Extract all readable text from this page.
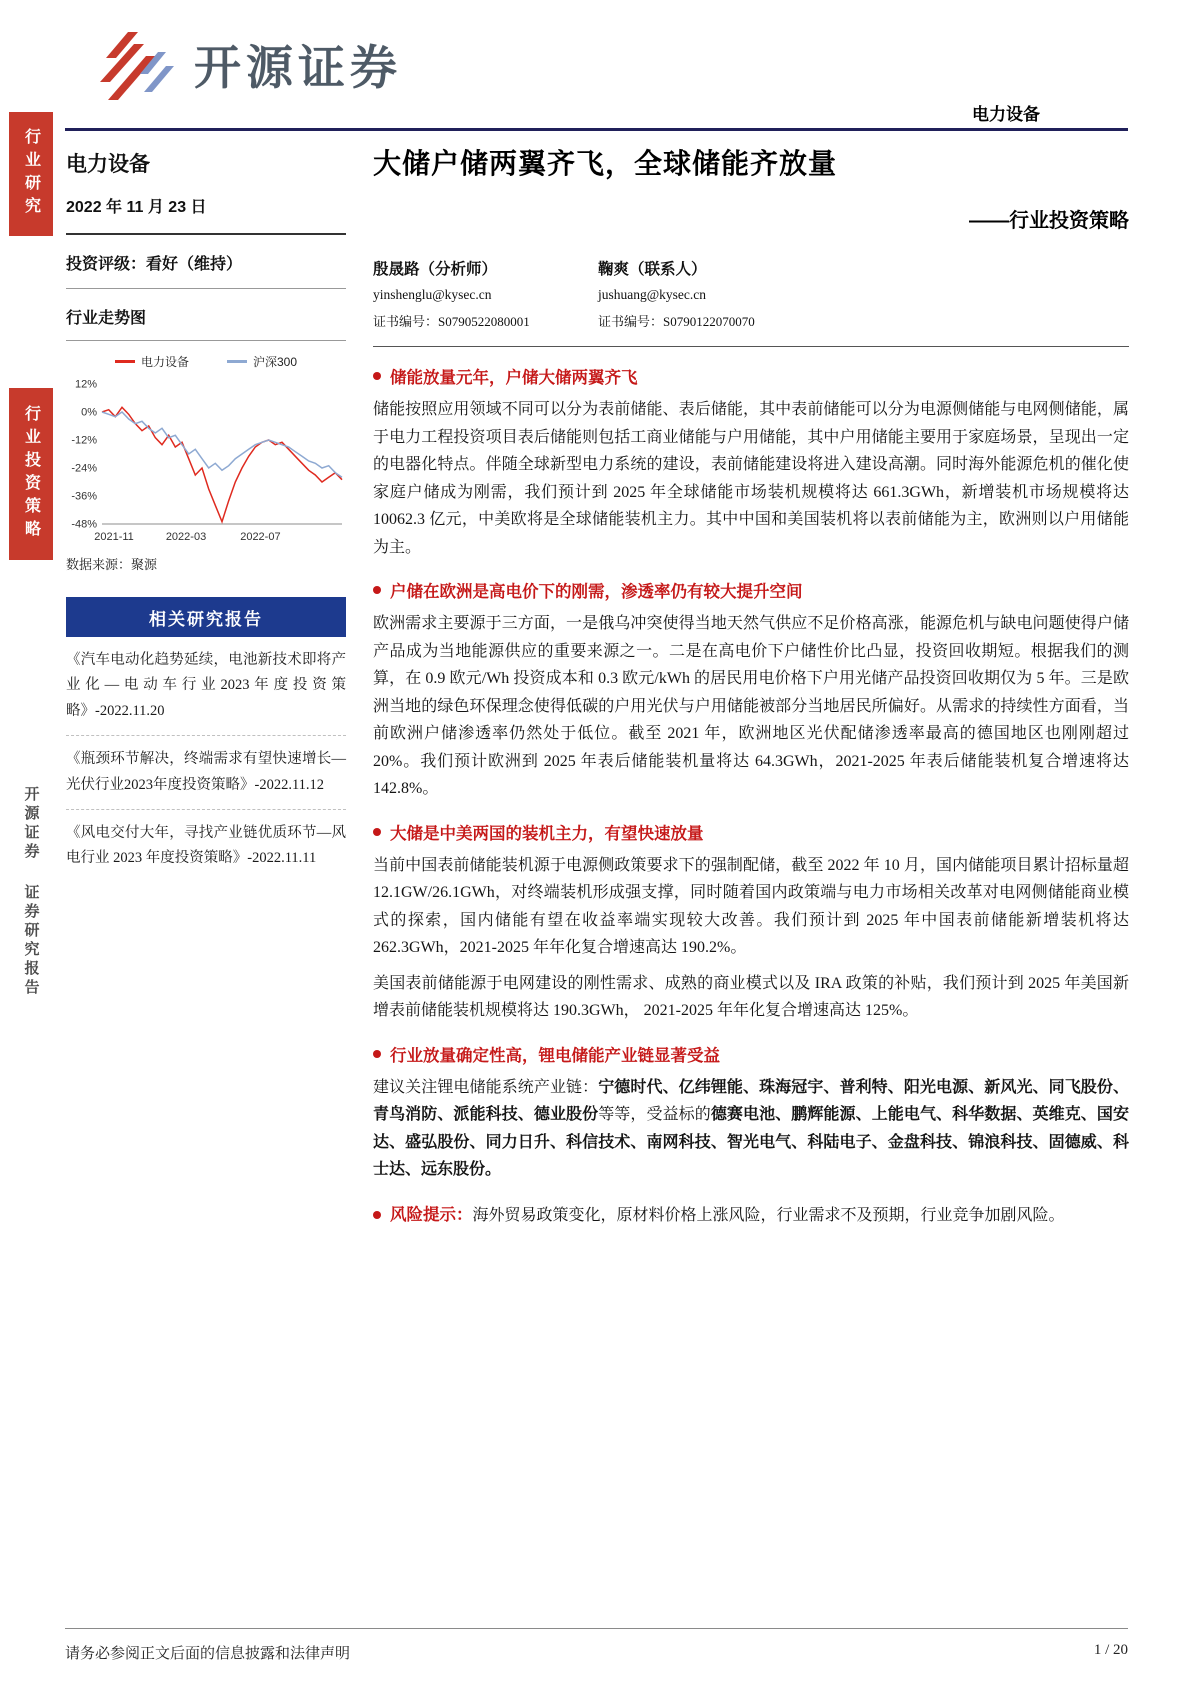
行业研究
行业投资策略
开源证券
证券研究报告
开源证券
电力设备
电力设备
2022 年 11 月 23 日
投资评级：看好（维持）
行业走势图
电力设备	沪深300
12%
0%
-12%
-24%
-36%
-48%
2021-11	2022-03	2022-07
数据来源：聚源
相关研究报告
《汽车电动化趋势延续，电池新技术即将产业化—电动车行业2023年度投资策略》-2022.11.20
《瓶颈环节解决，终端需求有望快速增长—光伏行业2023年度投资策略》-2022.11.12
《风电交付大年，寻找产业链优质环节—风电行业 2023 年度投资策略》-2022.11.11
大储户储两翼齐飞，全球储能齐放量
——行业投资策略
殷晟路（分析师）
yinshenglu@kysec.cn
证书编号：S0790522080001
鞠爽（联系人）
jushuang@kysec.cn
证书编号：S0790122070070
储能放量元年，户储大储两翼齐飞

储能按照应用领域不同可以分为表前储能、表后储能，其中表前储能可以分为电源侧储能与电网侧储能，属于电力工程投资项目表后储能则包括工商业储能与户用储能，其中户用储能主要用于家庭场景，呈现出一定的电器化特点。伴随全球新型电力系统的建设，表前储能建设将进入建设高潮。同时海外能源危机的催化使家庭户储成为刚需，我们预计到 2025 年全球储能市场装机规模将达 661.3GWh，新增装机市场规模将达 10062.3 亿元，中美欧将是全球储能装机主力。其中中国和美国装机将以表前储能为主，欧洲则以户用储能为主。

户储在欧洲是高电价下的刚需，渗透率仍有较大提升空间

欧洲需求主要源于三方面，一是俄乌冲突使得当地天然气供应不足价格高涨，能源危机与缺电问题使得户储产品成为当地能源供应的重要来源之一。二是在高电价下户储性价比凸显，投资回收期短。根据我们的测算，在 0.9 欧元/Wh 投资成本和 0.3 欧元/kWh 的居民用电价格下户用光储产品投资回收期仅为 5 年。三是欧洲当地的绿色环保理念使得低碳的户用光伏与户用储能被部分当地居民所偏好。从需求的持续性方面看，当前欧洲户储渗透率仍然处于低位。截至 2021 年，欧洲地区光伏配储渗透率最高的德国地区也刚刚超过 20%。我们预计欧洲到 2025 年表后储能装机量将达 64.3GWh，2021-2025 年表后储能装机复合增速将达 142.8%。

大储是中美两国的装机主力，有望快速放量

当前中国表前储能装机源于电源侧政策要求下的强制配储，截至 2022 年 10 月，国内储能项目累计招标量超 12.1GW/26.1GWh，对终端装机形成强支撑，同时随着国内政策端与电力市场相关改革对电网侧储能商业模式的探索，国内储能有望在收益率端实现较大改善。我们预计到 2025 年中国表前储能新增装机将达 262.3GWh，2021-2025 年年化复合增速高达 190.2%。

美国表前储能源于电网建设的刚性需求、成熟的商业模式以及 IRA 政策的补贴，我们预计到 2025 年美国新增表前储能装机规模将达 190.3GWh， 2021-2025 年年化复合增速高达 125%。

行业放量确定性高，锂电储能产业链显著受益

建议关注锂电储能系统产业链：宁德时代、亿纬锂能、珠海冠宇、普利特、阳光电源、新风光、同飞股份、青鸟消防、派能科技、德业股份等等，受益标的德赛电池、鹏辉能源、上能电气、科华数据、英维克、国安达、盛弘股份、同力日升、科信技术、南网科技、智光电气、科陆电子、金盘科技、锦浪科技、固德威、科士达、远东股份。

风险提示：海外贸易政策变化，原材料价格上涨风险，行业需求不及预期，行业竞争加剧风险。

请务必参阅正文后面的信息披露和法律声明	1 / 20
